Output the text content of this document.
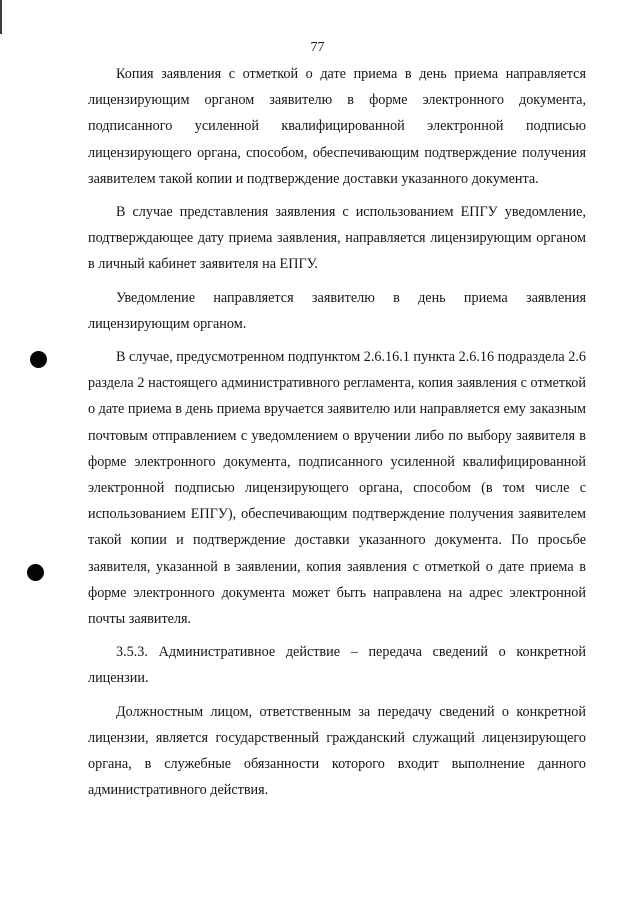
77

Копия заявления с отметкой о дате приема в день приема направляется лицензирующим органом заявителю в форме электронного документа, подписанного усиленной квалифицированной электронной подписью лицензирующего органа, способом, обеспечивающим подтверждение получения заявителем такой копии и подтверждение доставки указанного документа.

В случае представления заявления с использованием ЕПГУ уведомление, подтверждающее дату приема заявления, направляется лицензирующим органом в личный кабинет заявителя на ЕПГУ.

Уведомление направляется заявителю в день приема заявления лицензирующим органом.

В случае, предусмотренном подпунктом 2.6.16.1 пункта 2.6.16 подраздела 2.6 раздела 2 настоящего административного регламента, копия заявления с отметкой о дате приема в день приема вручается заявителю или направляется ему заказным почтовым отправлением с уведомлением о вручении либо по выбору заявителя в форме электронного документа, подписанного усиленной квалифицированной электронной подписью лицензирующего органа, способом (в том числе с использованием ЕПГУ), обеспечивающим подтверждение получения заявителем такой копии и подтверждение доставки указанного документа. По просьбе заявителя, указанной в заявлении, копия заявления с отметкой о дате приема в форме электронного документа может быть направлена на адрес электронной почты заявителя.

3.5.3. Административное действие – передача сведений о конкретной лицензии.

Должностным лицом, ответственным за передачу сведений о конкретной лицензии, является государственный гражданский служащий лицензирующего органа, в служебные обязанности которого входит выполнение данного административного действия.
